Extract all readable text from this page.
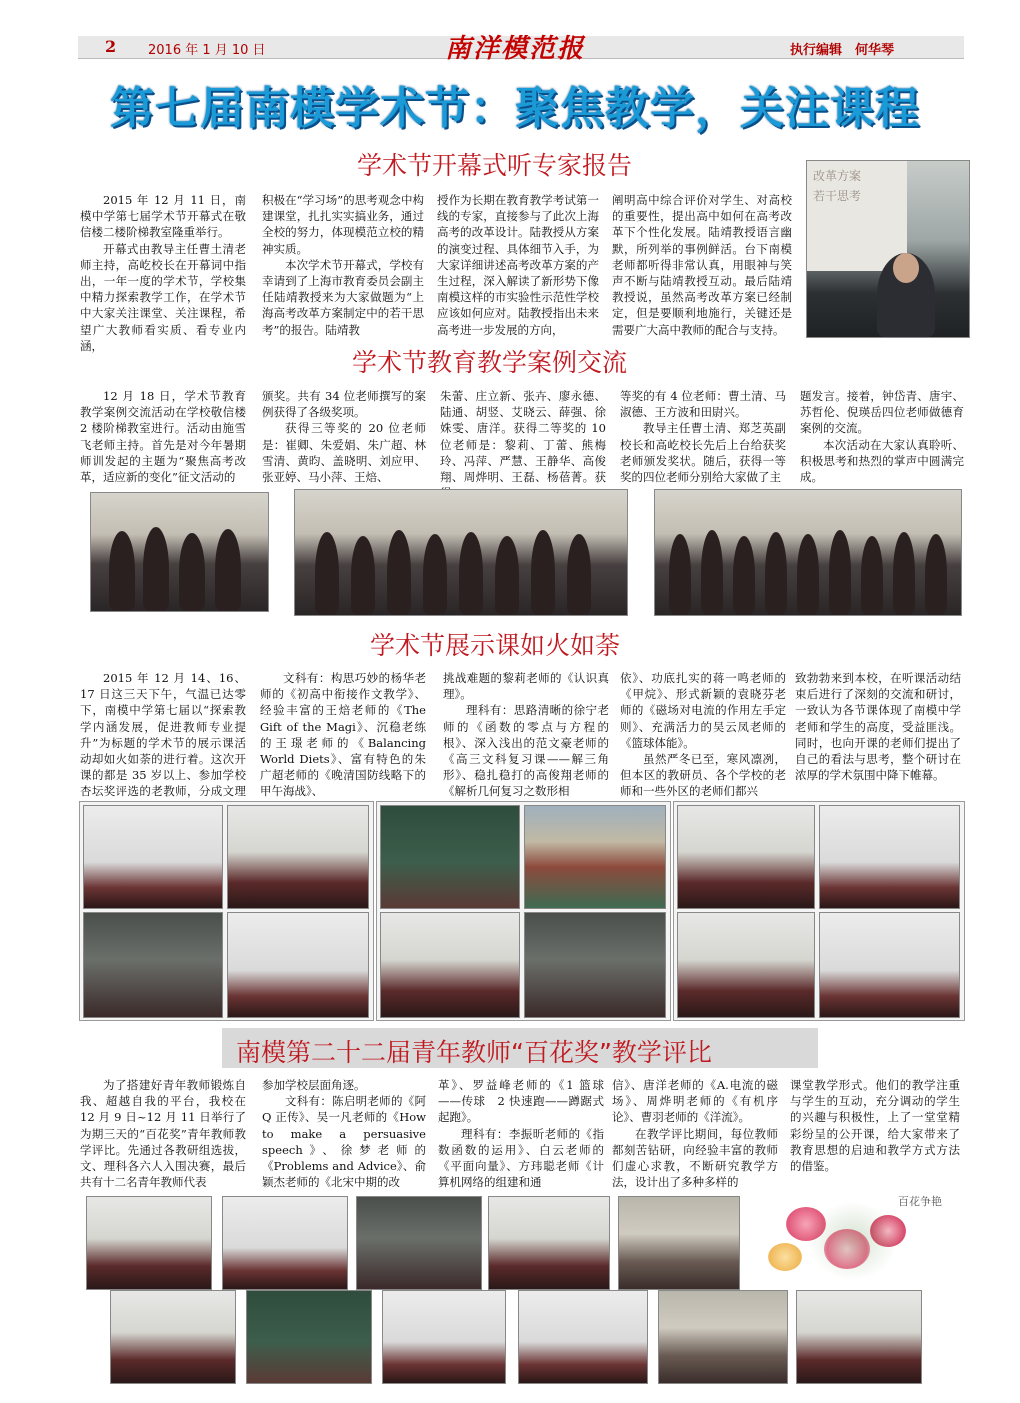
2 2016 年 1 月 10 日	南洋模范报	执行编辑　何华琴
第七届南模学术节：聚焦教学，关注课程
学术节开幕式听专家报告

2015 年 12 月 11 日，南模中学第七届学术节开幕式在敬信楼二楼阶梯教室隆重举行。

开幕式由教导主任曹土清老师主持，高屹校长在开幕词中指出，一年一度的学术节，学校集中精力探索教学工作，在学术节中大家关注课堂、关注课程，希望广大教师看实质、看专业内涵，

积极在“学习场”的思考观念中构建课堂，扎扎实实搞业务，通过全校的努力，体现模范立校的精神实质。

本次学术节开幕式，学校有幸请到了上海市教育委员会副主任陆靖教授来为大家做题为“上海高考改革方案制定中的若干思考”的报告。陆靖教

授作为长期在教育教学考试第一线的专家，直接参与了此次上海高考的改革设计。陆教授从方案的演变过程、具体细节入手，为大家详细讲述高考改革方案的产生过程，深入解读了新形势下像南模这样的市实验性示范性学校应该如何应对。陆教授指出未来高考进一步发展的方向，

阐明高中综合评价对学生、对高校的重要性，提出高中如何在高考改革下个性化发展。陆靖教授语言幽默，所列举的事例鲜活。台下南模老师都听得非常认真，用眼神与笑声不断与陆靖教授互动。最后陆靖教授说，虽然高考改革方案已经制定，但是要顺利地施行，关键还是需要广大高中教师的配合与支持。

改革方案
若干思考
学术节教育教学案例交流

12 月 18 日，学术节教育教学案例交流活动在学校敬信楼 2 楼阶梯教室进行。活动由施雪飞老师主持。首先是对今年暑期师训发起的主题为“聚焦高考改革，适应新的变化”征文活动的

颁奖。共有 34 位老师撰写的案例获得了各级奖项。

获得三等奖的 20 位老师是：崔卿、朱爱娟、朱广超、林雪清、黄昀、盖晓明、刘应甲、张亚婷、马小萍、王焙、

朱蕾、庄立新、张卉、廖永德、陆通、胡竖、艾晓云、薛强、徐姝雯、唐洋。获得二等奖的 10 位老师是：黎莉、丁蕾、熊梅玲、冯萍、严慧、王静华、高俊翔、周烨明、王磊、杨蓓菁。获

等奖的有 4 位老师：曹土清、马淑德、王方波和田尉兴。

教导主任曹土清、郑芝英副校长和高屹校长先后上台给获奖老师颁发奖状。随后，获得一等奖的四位老师分别给大家做了主

题发言。接着，钟岱青、唐宇、苏哲伦、倪瑛岳四位老师做德育案例的交流。

本次活动在大家认真聆听、积极思考和热烈的掌声中圆满完成。

学术节展示课如火如荼

2015 年 12 月 14、16、17 日这三天下午，气温已达零下，南模中学第七届以“探索教学内涵发展，促进教师专业提升”为标题的学术节的展示课活动却如火如荼的进行着。这次开课的都是 35 岁以上、参加学校杏坛奖评选的老教师，分成文理

文科有：构思巧妙的杨华老师的《初高中衔接作文教学》、经验丰富的王焙老师的《The Gift of the Magi》、沉稳老练的王璟老师的《Balancing World Diets》、富有特色的朱广超老师的《晚清国防线略下的甲午海战》、

挑战难题的黎莉老师的《认识真理》。

理科有：思路清晰的徐宁老师的《函数的零点与方程的根》、深入浅出的范文豪老师的《高三文科复习课——解三角形》、稳扎稳打的高俊翔老师的《解析几何复习之数形相

依》、功底扎实的蒋一鸣老师的《甲烷》、形式新颖的袁晓芬老师的《磁场对电流的作用左手定则》、充满活力的吴云凤老师的《篮球体能》。

虽然严冬已至，寒风凛冽，但本区的教研员、各个学校的老师和一些外区的老师们都兴

致勃勃来到本校，在听课活动结束后进行了深刻的交流和研讨，一致认为各节课体现了南模中学老师和学生的高度，受益匪浅。同时，也向开课的老师们提出了自己的看法与思考，整个研讨在浓厚的学术氛围中降下帷幕。

南模第二十二届青年教师“百花奖”教学评比

为了搭建好青年教师锻炼自我、超越自我的平台，我校在 12 月 9 日~12 月 11 日举行了为期三天的“百花奖”青年教师教学评比。先通过各教研组选拔，文、理科各六人入围决赛，最后共有十二名青年教师代表

参加学校层面角逐。

文科有：陈启明老师的《阿 Q 正传》、吴一凡老师的《How to make a persuasive speech》、徐梦老师的《Problems and Advice》、俞颖杰老师的《北宋中期的改

革》、罗益峰老师的《1 篮球——传球　2 快速跑——蹲踞式起跑》。

理科有：李振昕老师的《指数函数的运用》、白云老师的《平面向量》、方玮聪老师《计算机网络的组建和通

信》、唐洋老师的《A.电流的磁场》、周烨明老师的《有机序论》、曹羽老师的《洋流》。

在教学评比期间，每位教师都刻苦钻研，向经验丰富的教师们虚心求教，不断研究教学方法，设计出了多种多样的

课堂教学形式。他们的教学注重与学生的互动，充分调动的学生的兴趣与积极性，上了一堂堂精彩纷呈的公开课，给大家带来了教育思想的启迪和教学方式方法的借鉴。

百花争艳
